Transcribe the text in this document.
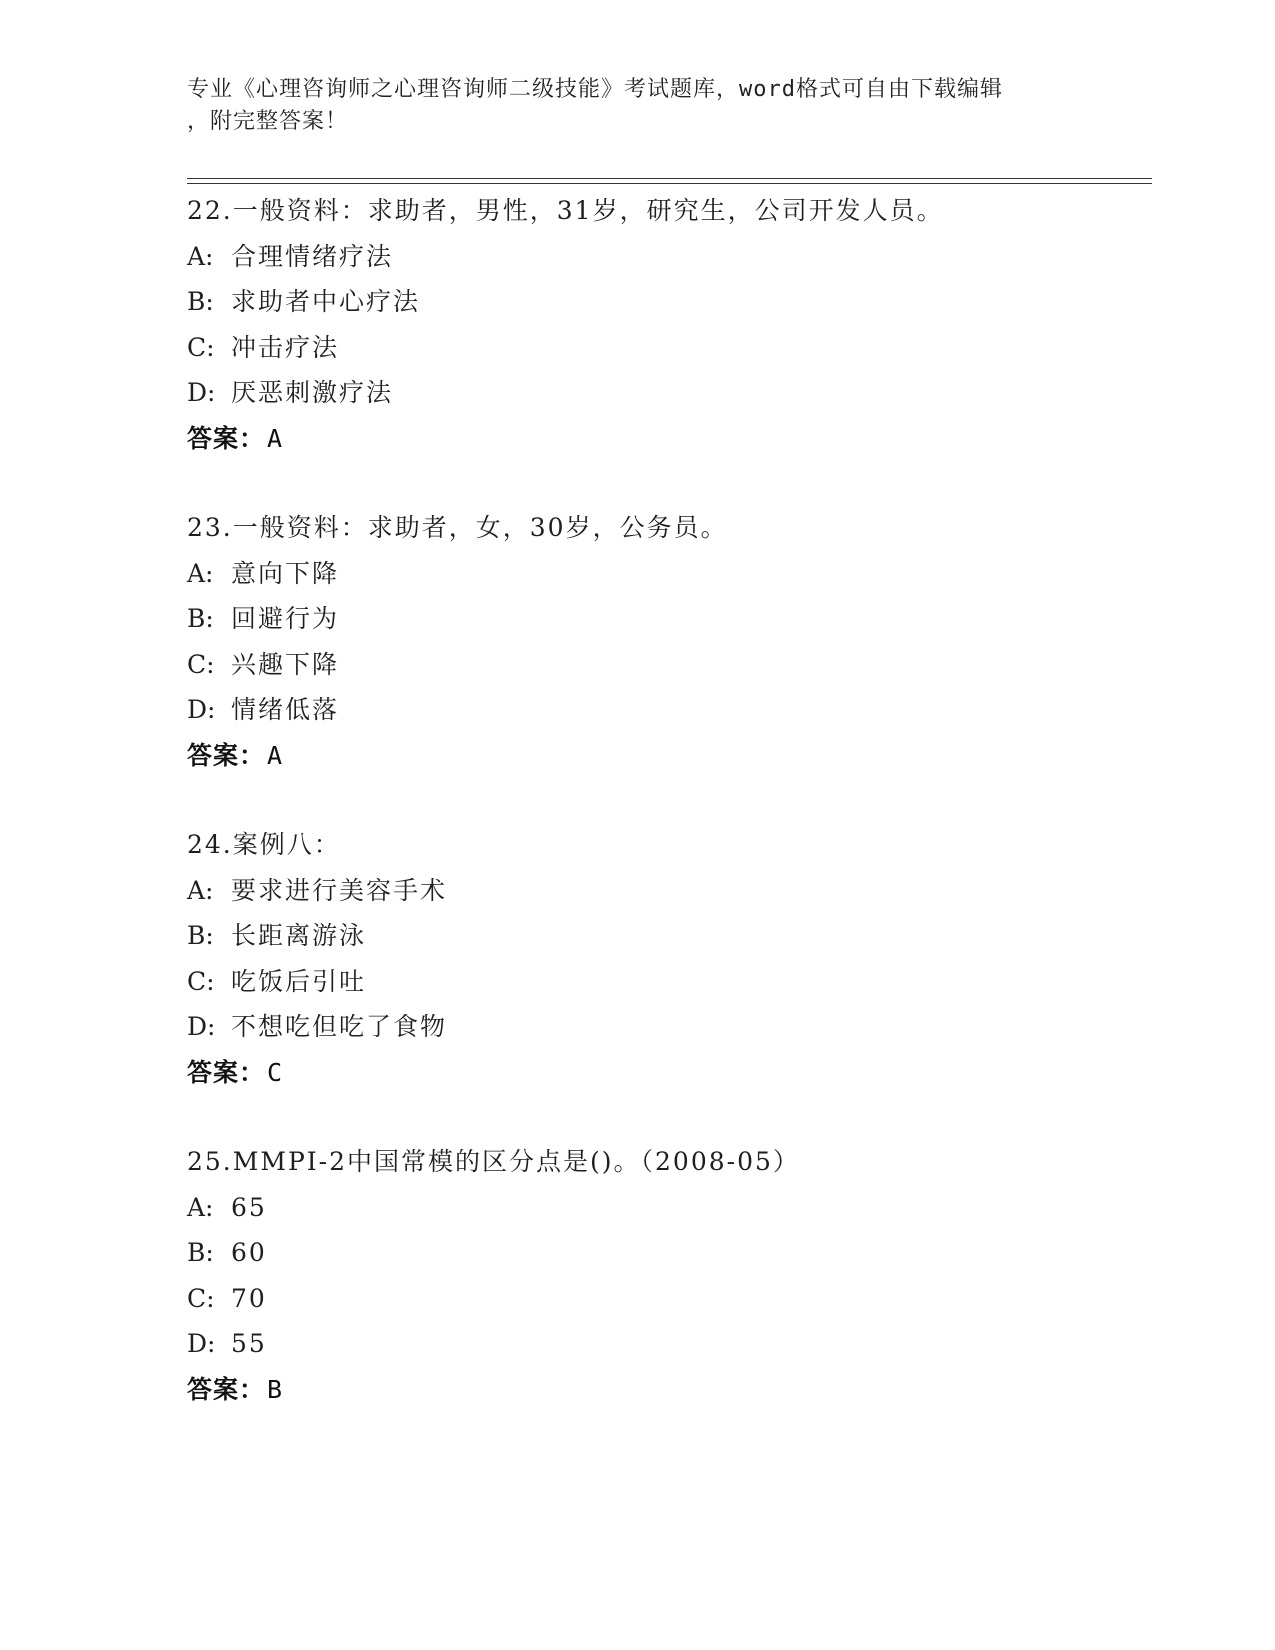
专业《心理咨询师之心理咨询师二级技能》考试题库，word格式可自由下载编辑
，附完整答案！
22.一般资料：求助者，男性，31岁，研究生，公司开发人员。
A: 合理情绪疗法
B: 求助者中心疗法
C: 冲击疗法
D: 厌恶刺激疗法
答案：A
23.一般资料：求助者，女，30岁，公务员。
A: 意向下降
B: 回避行为
C: 兴趣下降
D: 情绪低落
答案：A
24.案例八：
A: 要求进行美容手术
B: 长距离游泳
C: 吃饭后引吐
D: 不想吃但吃了食物
答案：C
25.MMPI-2中国常模的区分点是()。（2008-05）
A: 65
B: 60
C: 70
D: 55
答案：B
